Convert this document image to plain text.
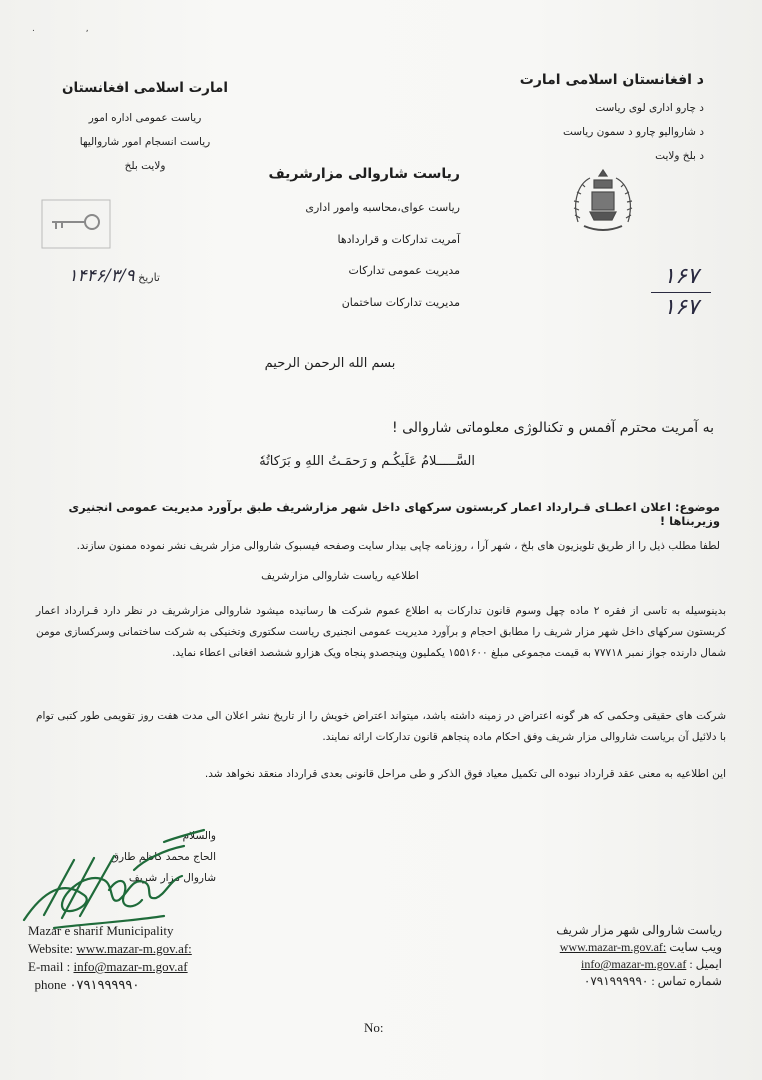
. ,
د افغانستان اسلامی امارت
د چارو اداری لوی ریاست
د شاروالیو چارو د سمون ریاست
د بلخ ولایت
امارت اسلامی افغانستان
ریاست عمومی اداره امور
ریاست انسجام امور شاروالیها
ولایت بلخ	ریاست شاروالی مزارشریف
ریاست عوای،محاسبه وامور اداری
آمریت تدارکات و قراردادها
مدیریت عمومی تدارکات
مدیریت تدارکات ساختمان
تاریخ ۱۴۴۶/۳/۹	۱۶۷
۱۶۷
بسم الله الرحمن الرحیم
به آمریت محترم آفمس و تکنالوژی معلوماتی شاروالی !
السَّـــــلامُ عَلَیکُـم و رَحمَـتُ اللهِ و بَرَکاتُهٗ
موضوع: اعلان اعطـای قـرارداد اعمار کربستون سرکهای داخل شهر مزارشریف طبق برآورد مدیریت عمومی انجنیری وزیربناها !
لطفا مطلب ذیل را از طریق تلویزیون های بلخ ، شهر آرا ، روزنامه چاپی بیدار سایت وصفحه فیسبوک شاروالی مزار شریف نشر نموده ممنون سازند.
اطلاعیه ریاست شاروالی مزارشریف
بدینوسیله به تاسی از فقره ۲ ماده چهل وسوم قانون تدارکات به اطلاع عموم شرکت ها رسانیده میشود شاروالی مزارشریف در نظر دارد قـرارداد اعمار کربستون سرکهای داخل شهر مزار شریف را مطابق احجام و برآورد مدیریت عمومی انجنیری ریاست سکتوری وتخنیکی به شرکت ساختمانی وسرکسازی مومن شمال دارنده جواز نمبر ۷۷۷۱۸ به قیمت مجموعی مبلغ ۱۵۵۱۶۰۰ یکملیون وپنجصدو پنجاه ویک هزارو ششصد افغانی اعطاء نماید.
شرکت های حقیقی وحکمی که هر گونه اعتراض در زمینه داشته باشد، میتواند اعتراض خویش را از تاریخ نشر اعلان الی مدت هفت روز تقویمی طور کتبی توام با دلائیل آن بریاست شاروالی مزار شریف وفق احکام ماده پنجاهم قانون تدارکات ارائه نمایند.
این اطلاعیه به معنی عقد قرارداد نبوده الی تکمیل معیاد فوق الذکر و طی مراحل قانونی بعدی قرارداد منعقد نخواهد شد.
والسلام
الحاج محمد کاظم طارق
شاروال مزار شریف
Mazar e sharif Municipality
Website: www.mazar-m.gov.af:
E-mail : info@mazar-m.gov.af
phone ۰۷۹۱۹۹۹۹۹۰
ریاست شاروالی شهر مزار شریف
ویب سایت www.mazar-m.gov.af:
ایمیل : info@mazar-m.gov.af
شماره تماس : ۰۷۹۱۹۹۹۹۹۰
No:
